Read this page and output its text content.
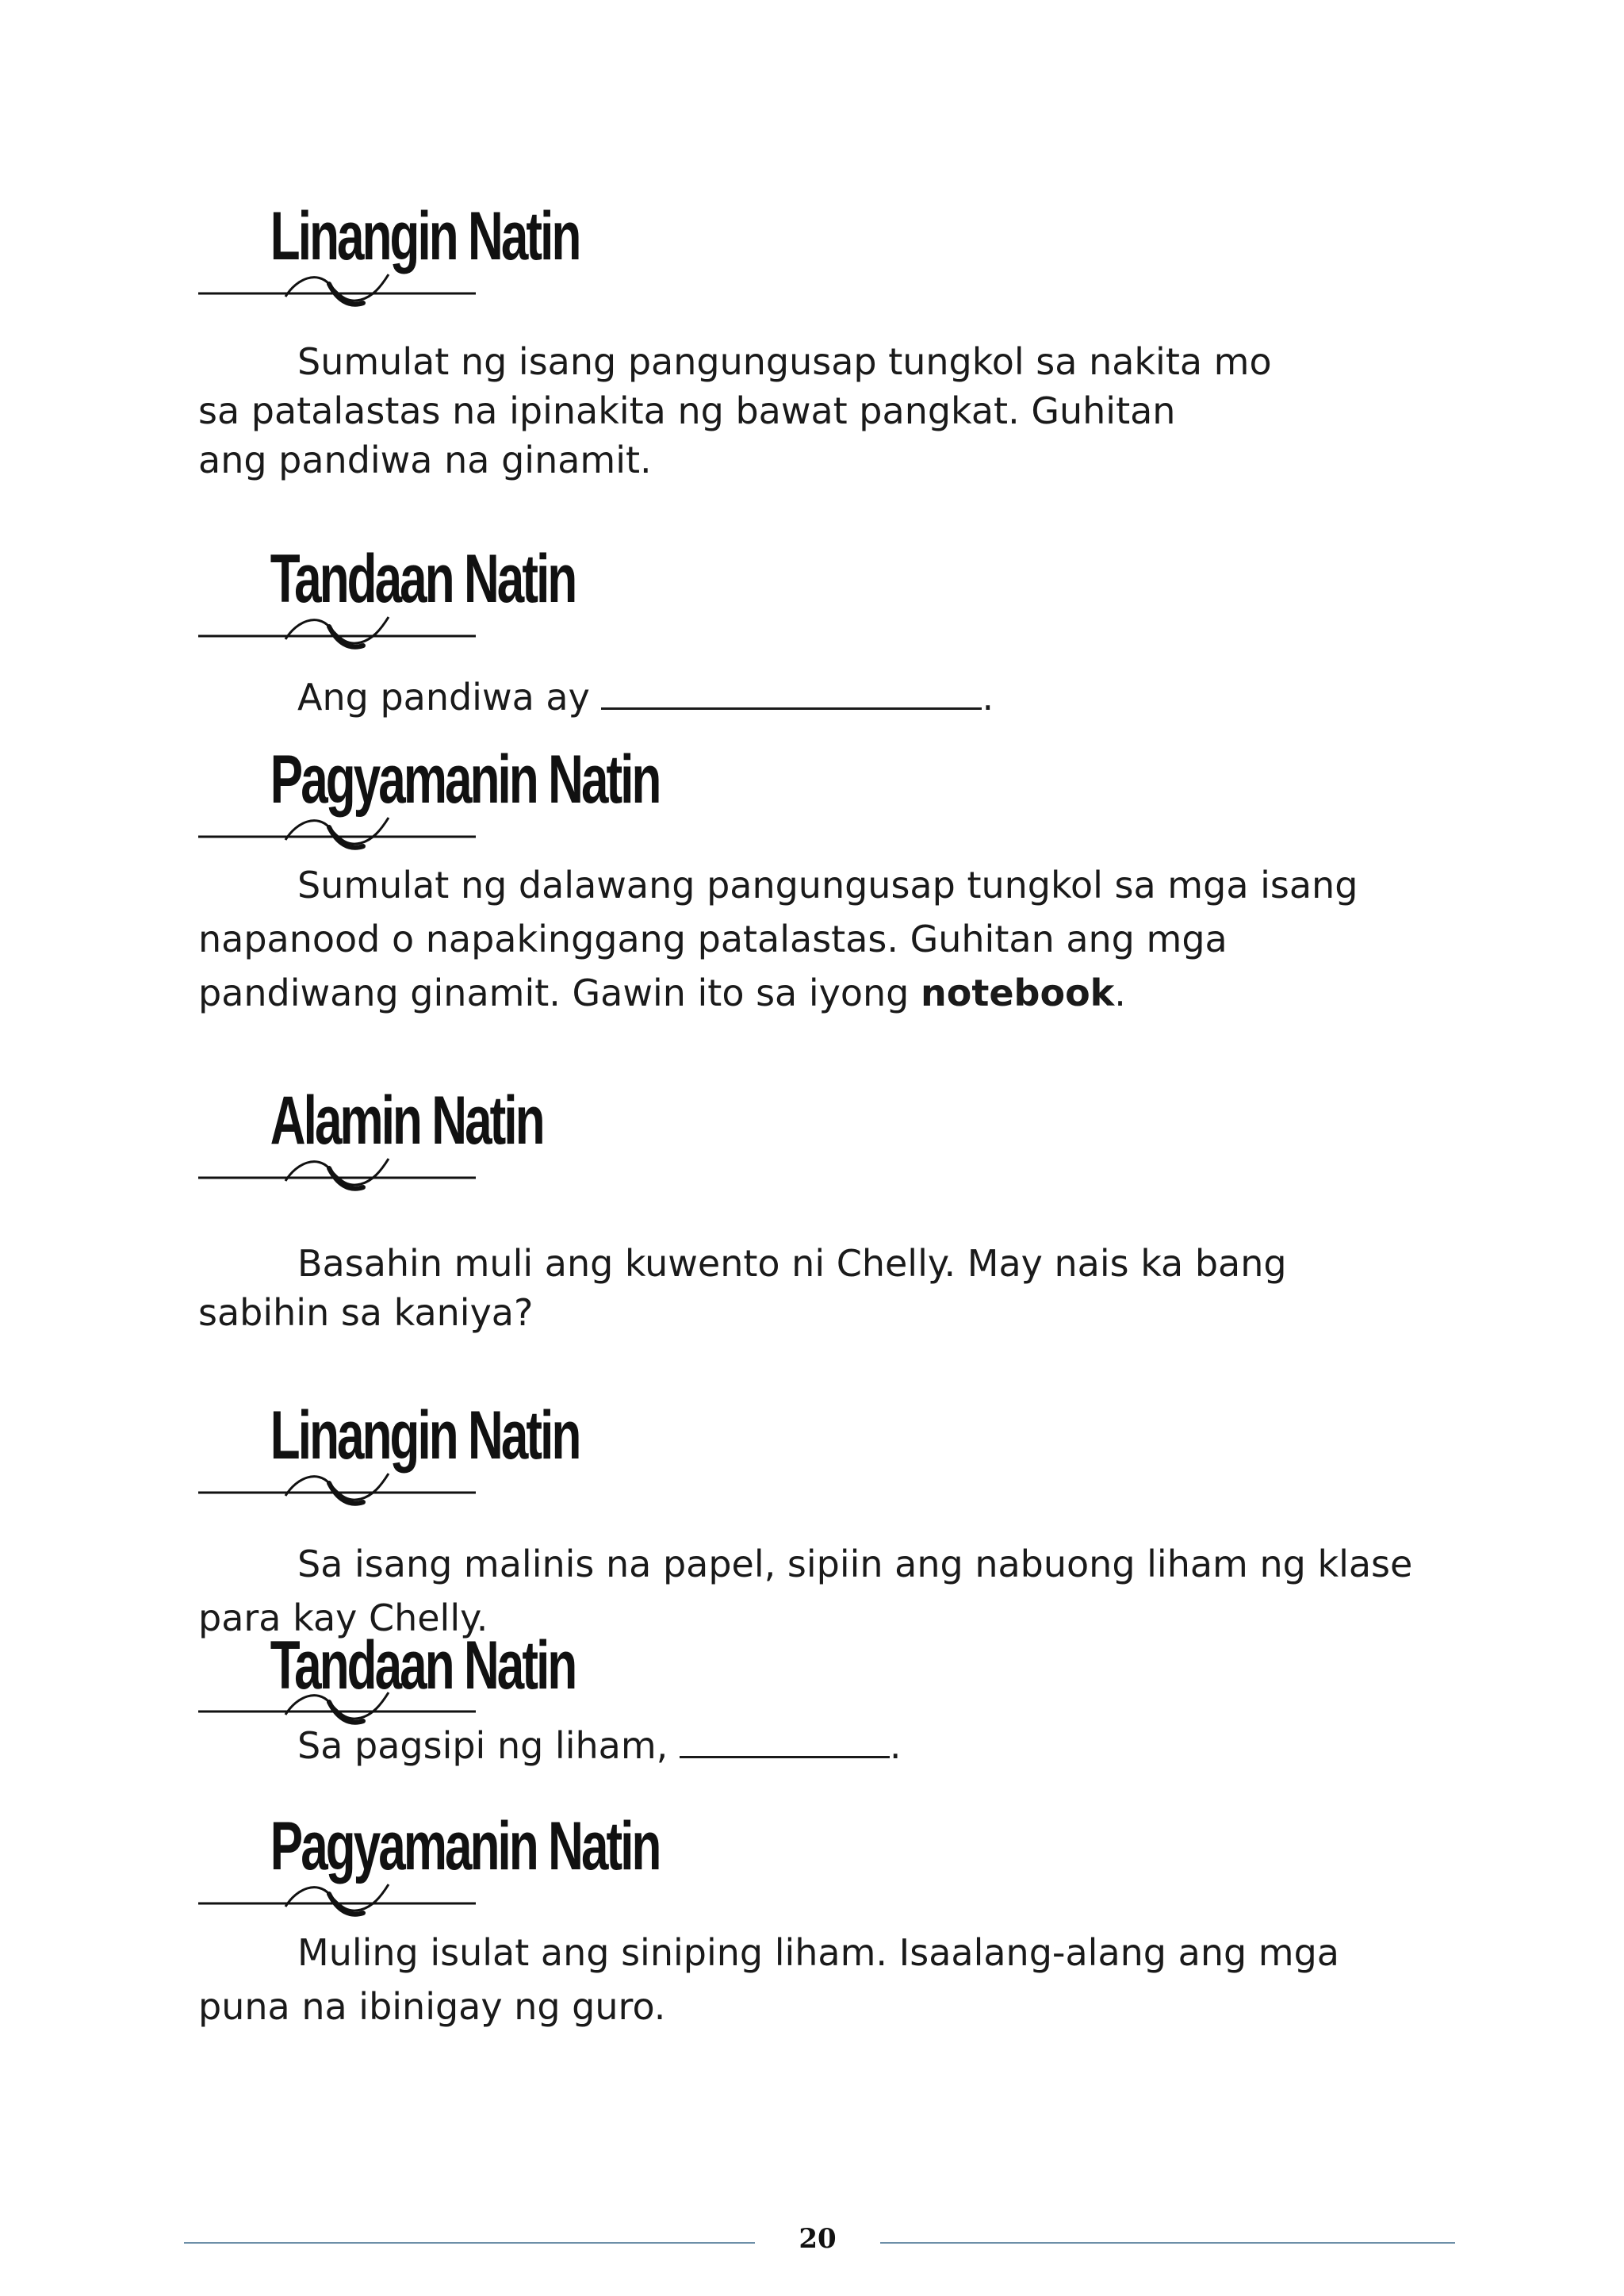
Linangin Natin
Sumulat ng isang pangungusap tungkol sa nakita mo
sa patalastas na ipinakita ng bawat pangkat. Guhitan
ang pandiwa na ginamit.
Tandaan Natin
Ang pandiwa ay	.
Pagyamanin Natin
Sumulat ng dalawang pangungusap tungkol sa mga isang
napanood o napakinggang patalastas. Guhitan ang mga
pandiwang ginamit. Gawin ito sa iyong notebook.
Alamin Natin
Basahin muli ang kuwento ni Chelly. May nais ka bang
sabihin sa kaniya?
Linangin Natin
Sa isang malinis na papel, sipiin ang nabuong liham ng klase
para kay Chelly.
Tandaan Natin
Sa pagsipi ng liham,	.
Pagyamanin Natin
Muling isulat ang siniping liham. Isaalang-alang ang mga
puna na ibinigay ng guro.
20
